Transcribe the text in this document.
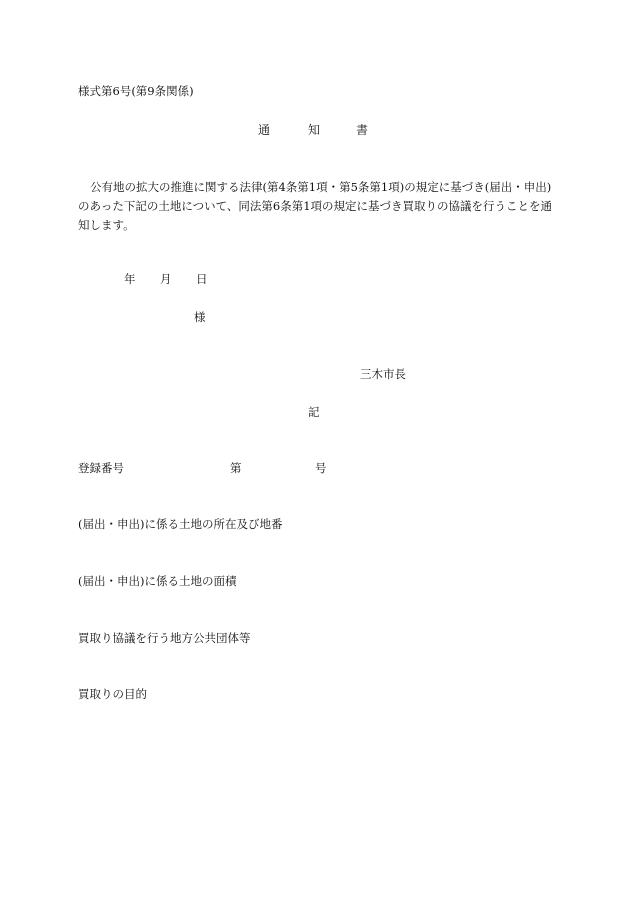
様式第6号(第9条関係)
通	知	書
公有地の拡大の推進に関する法律(第4条第1項・第5条第1項)の規定に基づき(届出・申出)のあった下記の土地について、同法第6条第1項の規定に基づき買取りの協議を行うことを通知します。
年 月 日
様
三木市長
記
登録番号	第	号
(届出・申出)に係る土地の所在及び地番
(届出・申出)に係る土地の面積
買取り協議を行う地方公共団体等
買取りの目的
